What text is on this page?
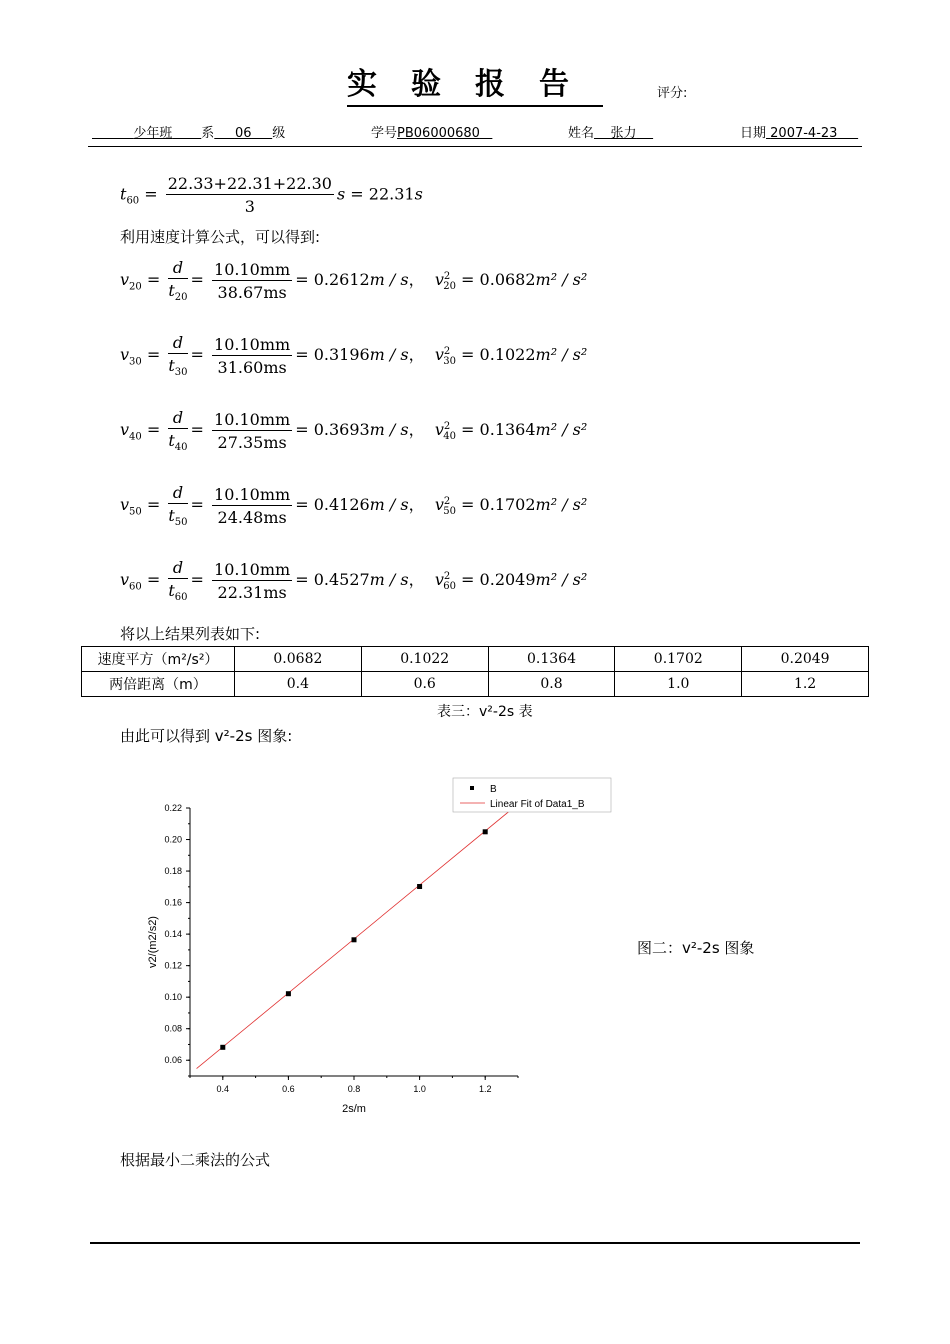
实验报告	评分:
少年班 系 06 级	学号PB06000680	姓名 张力	日期 2007-4-23
$t_{60} = \frac{22.33+22.31+22.30}{3}$ s = 22.31s
利用速度计算公式，可以得到:
$v_{20} = \frac{d}{t_{20}} = \frac{10.10mm}{38.67ms} = 0.2612m / s$，  $v^2_{20} = 0.0682m^2 / s^2$
$v_{30} = \frac{d}{t_{30}} = \frac{10.10mm}{31.60ms} = 0.3196m / s$，  $v^2_{30} = 0.1022m^2 / s^2$
$v_{40} = \frac{d}{t_{40}} = \frac{10.10mm}{27.35ms} = 0.3693m / s$，  $v^2_{40} = 0.1364m^2 / s^2$
$v_{50} = \frac{d}{t_{50}} = \frac{10.10mm}{24.48ms} = 0.4126m / s$，  $v^2_{50} = 0.1702m^2 / s^2$
$v_{60} = \frac{d}{t_{60}} = \frac{10.10mm}{22.31ms} = 0.4527m / s$，  $v^2_{60} = 0.2049m^2 / s^2$
将以上结果列表如下:
速度平方（m²/s²）	0.0682	0.1022	0.1364	0.1702	0.2049
两倍距离（m）	0.4	0.6	0.8	1.0	1.2
表三：v²-2s 表
由此可以得到 v²-2s 图象:
0.4	0.6	0.8	1.0	1.2
0.06
0.08
0.10
0.12
0.14
0.16
0.18
0.20
0.22
2s/m
v2/(m2/s2)
B
Linear Fit of Data1_B
图二：v²-2s 图象
根据最小二乘法的公式
